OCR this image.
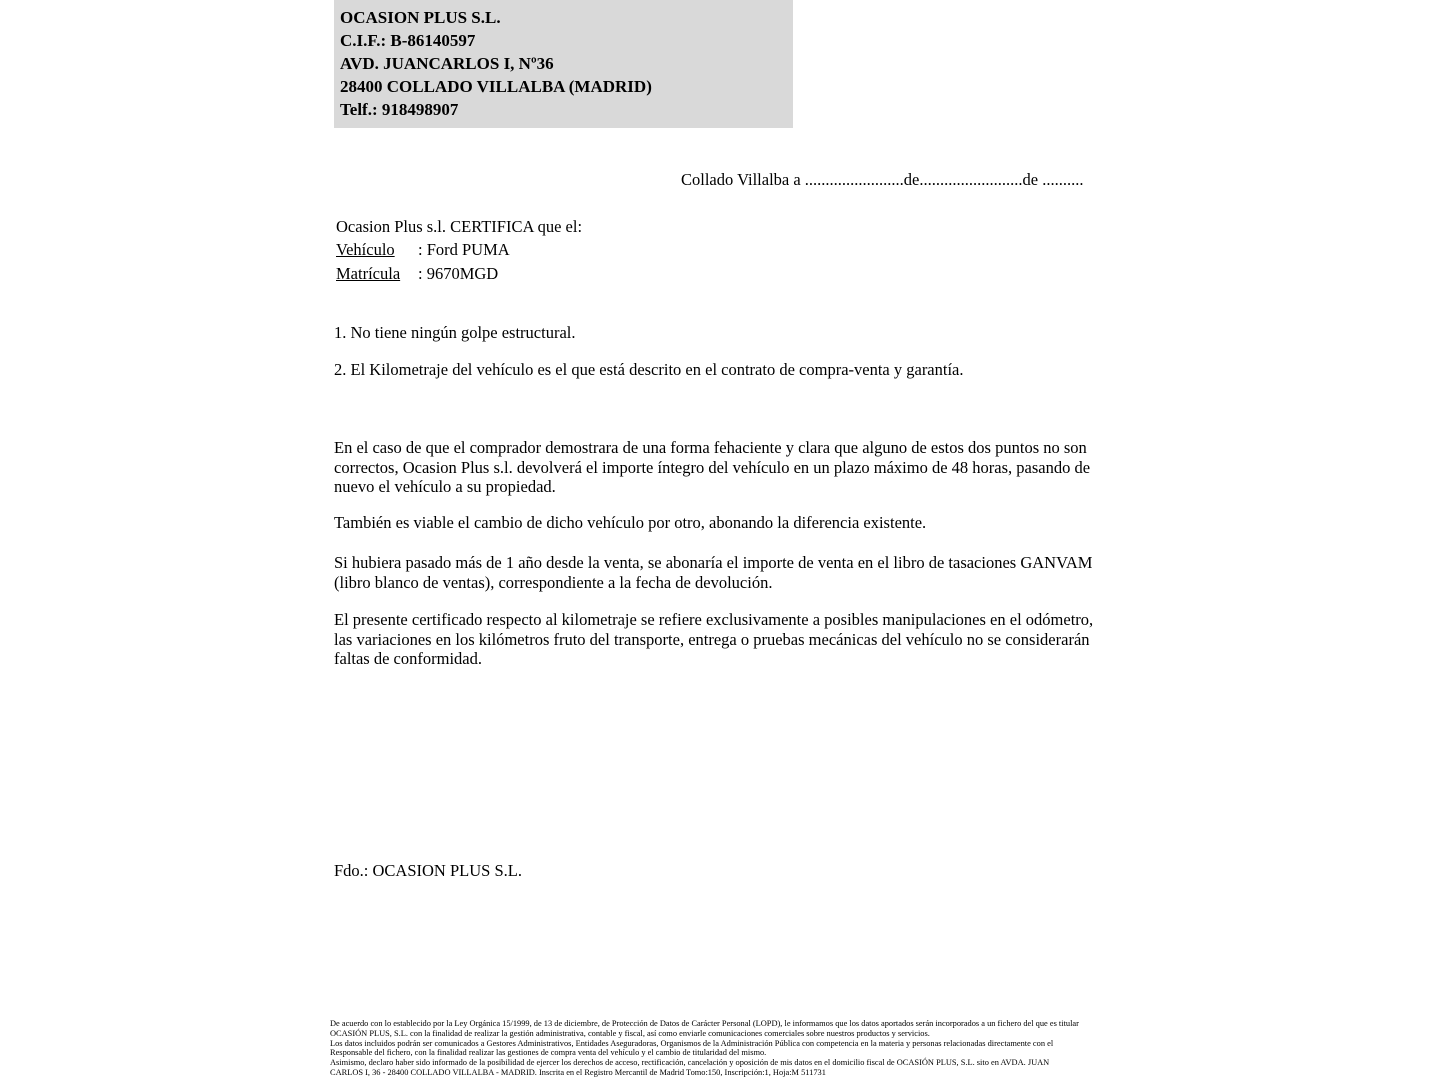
OCASION PLUS S.L.
C.I.F.: B-86140597
AVD. JUANCARLOS I, Nº36
28400 COLLADO VILLALBA (MADRID)
Telf.: 918498907
Collado Villalba a ........................de.........................de ..........
Ocasion Plus s.l. CERTIFICA que el:
Vehículo : Ford PUMA
Matrícula : 9670MGD
1. No tiene ningún golpe estructural.
2. El Kilometraje del vehículo es el que está descrito en el contrato de compra-venta y garantía.
En el caso de que el comprador demostrara de una forma fehaciente y clara que alguno de estos dos puntos no son correctos, Ocasion Plus s.l. devolverá el importe íntegro del vehículo en un plazo máximo de 48 horas, pasando de nuevo el vehículo a su propiedad.
También es viable el cambio de dicho vehículo por otro, abonando la diferencia existente.
Si hubiera pasado más de 1 año desde la venta, se abonaría el importe de venta en el libro de tasaciones GANVAM (libro blanco de ventas), correspondiente a la fecha de devolución.
El presente certificado respecto al kilometraje se refiere exclusivamente a posibles manipulaciones en el odómetro, las variaciones en los kilómetros fruto del transporte, entrega o pruebas mecánicas del vehículo no se considerarán faltas de conformidad.
Fdo.: OCASION PLUS S.L.
De acuerdo con lo establecido por la Ley Orgánica 15/1999, de 13 de diciembre, de Protección de Datos de Carácter Personal (LOPD), le informamos que los datos aportados serán incorporados a un fichero del que es titular
OCASIÓN PLUS, S.L. con la finalidad de realizar la gestión administrativa, contable y fiscal, así como enviarle comunicaciones comerciales sobre nuestros productos y servicios.
Los datos incluidos podrán ser comunicados a Gestores Administrativos, Entidades Aseguradoras, Organismos de la Administración Pública con competencia en la materia y personas relacionadas directamente con el
Responsable del fichero, con la finalidad realizar las gestiones de compra venta del vehículo y el cambio de titularidad del mismo.
Asimismo, declaro haber sido informado de la posibilidad de ejercer los derechos de acceso, rectificación, cancelación y oposición de mis datos en el domicilio fiscal de OCASIÓN PLUS, S.L. sito en AVDA. JUAN
CARLOS I, 36 - 28400 COLLADO VILLALBA - MADRID. Inscrita en el Registro Mercantil de Madrid Tomo:150, Inscripción:1, Hoja:M 511731
